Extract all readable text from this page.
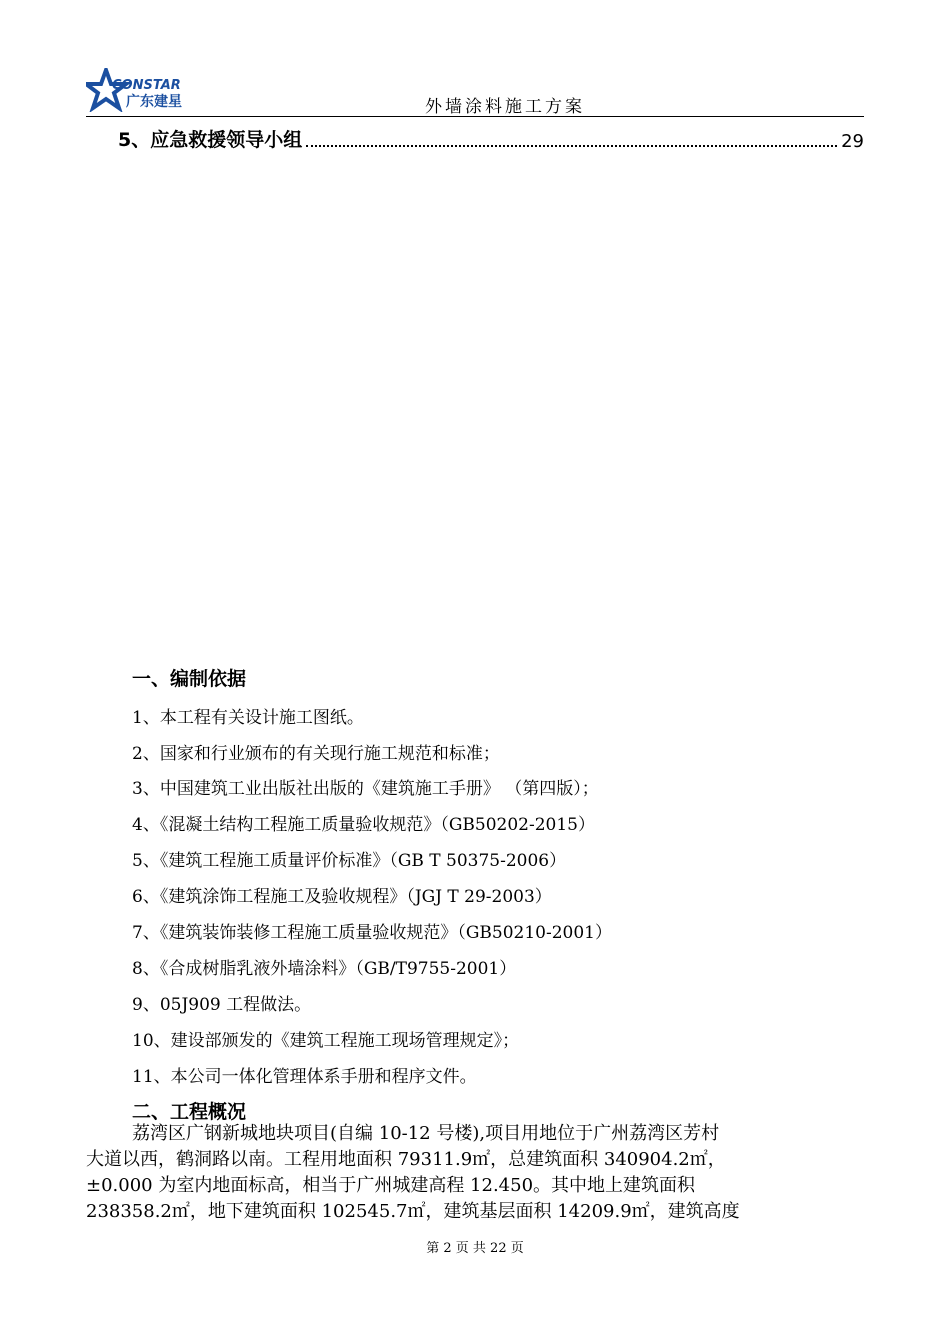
CONSTAR
广东建星	外墙涂料施工方案
5、应急救援领导小组	29
一、编制依据
1、本工程有关设计施工图纸。
2、国家和行业颁布的有关现行施工规范和标准；
3、中国建筑工业出版社出版的《建筑施工手册》 （第四版）；
4、《混凝土结构工程施工质量验收规范》（GB50202-2015）
5、《建筑工程施工质量评价标准》（GB T 50375-2006）
6、《建筑涂饰工程施工及验收规程》（JGJ T 29-2003）
7、《建筑装饰装修工程施工质量验收规范》（GB50210-2001）
8、《合成树脂乳液外墙涂料》（GB/T9755-2001）
9、05J909 工程做法。
10、建设部颁发的《建筑工程施工现场管理规定》；
11、本公司一体化管理体系手册和程序文件。
二、工程概况
荔湾区广钢新城地块项目(自编 10-12 号楼),项目用地位于广州荔湾区芳村
大道以西，鹤洞路以南。工程用地面积 79311.9㎡，总建筑面积 340904.2㎡，
±0.000 为室内地面标高，相当于广州城建高程 12.450。其中地上建筑面积
238358.2㎡，地下建筑面积 102545.7㎡，建筑基层面积 14209.9㎡，建筑高度
第 2 页 共 22 页
